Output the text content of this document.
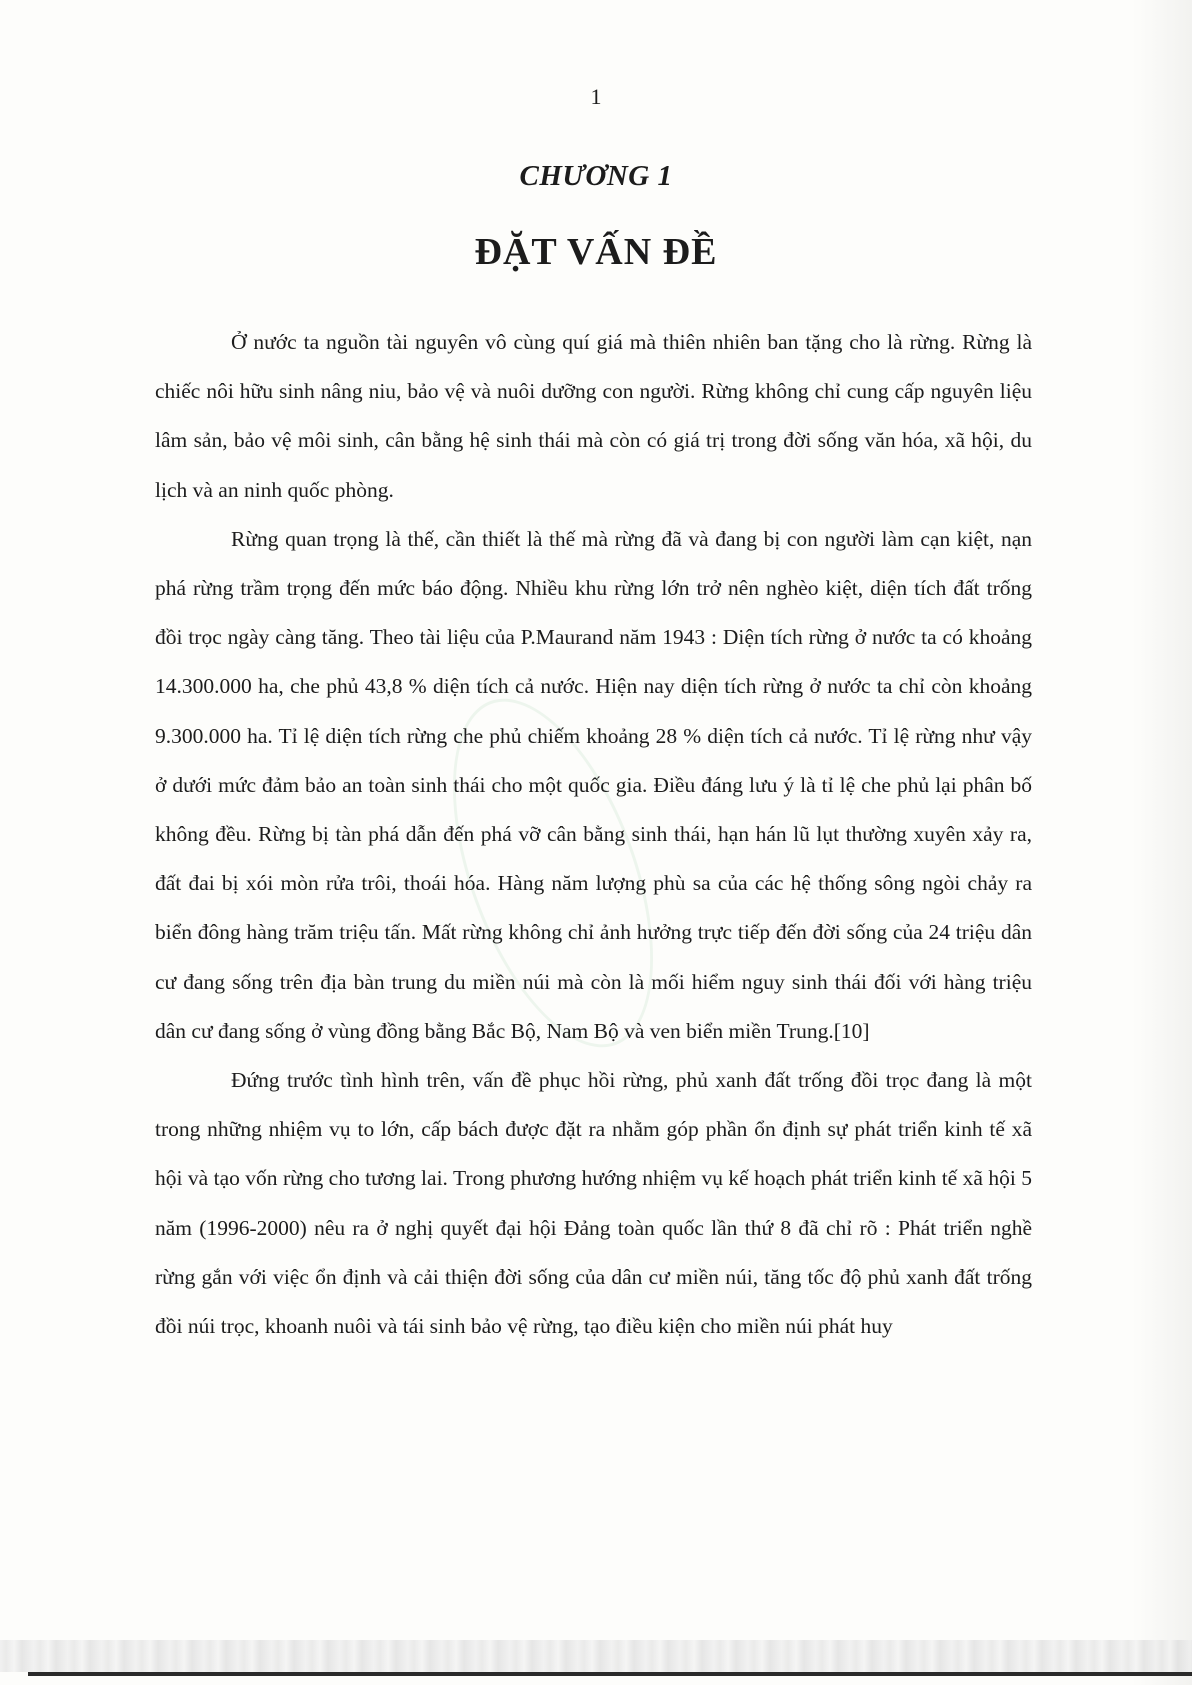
1
CHƯƠNG 1
ĐẶT VẤN ĐỀ

Ở nước ta nguồn tài nguyên vô cùng quí giá mà thiên nhiên ban tặng cho là rừng. Rừng là chiếc nôi hữu sinh nâng niu, bảo vệ và nuôi dưỡng con người. Rừng không chỉ cung cấp nguyên liệu lâm sản, bảo vệ môi sinh, cân bằng hệ sinh thái mà còn có giá trị trong đời sống văn hóa, xã hội, du lịch và an ninh quốc phòng.

Rừng quan trọng là thế, cần thiết là thế mà rừng đã và đang bị con người làm cạn kiệt, nạn phá rừng trầm trọng đến mức báo động. Nhiều khu rừng lớn trở nên nghèo kiệt, diện tích đất trống đồi trọc ngày càng tăng. Theo tài liệu của P.Maurand năm 1943 : Diện tích rừng ở nước ta có khoảng 14.300.000 ha, che phủ 43,8 % diện tích cả nước. Hiện nay diện tích rừng ở nước ta chỉ còn khoảng 9.300.000 ha. Tỉ lệ diện tích rừng che phủ chiếm khoảng 28 % diện tích cả nước. Tỉ lệ rừng như vậy ở dưới mức đảm bảo an toàn sinh thái cho một quốc gia. Điều đáng lưu ý là tỉ lệ che phủ lại phân bố không đều. Rừng bị tàn phá dẫn đến phá vỡ cân bằng sinh thái, hạn hán lũ lụt thường xuyên xảy ra, đất đai bị xói mòn rửa trôi, thoái hóa. Hàng năm lượng phù sa của các hệ thống sông ngòi chảy ra biển đông hàng trăm triệu tấn. Mất rừng không chỉ ảnh hưởng trực tiếp đến đời sống của 24 triệu dân cư đang sống trên địa bàn trung du miền núi mà còn là mối hiểm nguy sinh thái đối với hàng triệu dân cư đang sống ở vùng đồng bằng Bắc Bộ, Nam Bộ và ven biển miền Trung.[10]

Đứng trước tình hình trên, vấn đề phục hồi rừng, phủ xanh đất trống đồi trọc đang là một trong những nhiệm vụ to lớn, cấp bách được đặt ra nhằm góp phần ổn định sự phát triển kinh tế xã hội và tạo vốn rừng cho tương lai. Trong phương hướng nhiệm vụ kế hoạch phát triển kinh tế xã hội 5 năm (1996-2000) nêu ra ở nghị quyết đại hội Đảng toàn quốc lần thứ 8 đã chỉ rõ : Phát triển nghề rừng gắn với việc ổn định và cải thiện đời sống của dân cư miền núi, tăng tốc độ phủ xanh đất trống đồi núi trọc, khoanh nuôi và tái sinh bảo vệ rừng, tạo điều kiện cho miền núi phát huy
